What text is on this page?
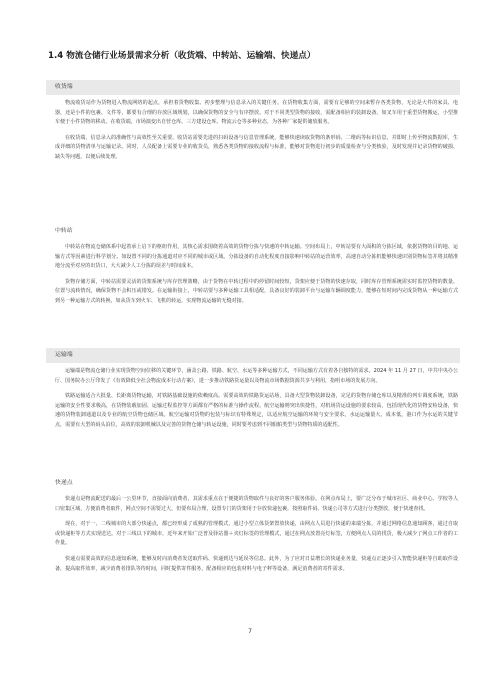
1.4 物流仓储行业场景需求分析（收货端、中转站、运输端、快递点）
收货端

物流收货站作为货物进入物流网络的起点，承担着货物收集、初步整理与信息录入的关键任务。在货物收集方面，需要有足够的空间来暂存各类货物，无论是大件的家具、电器，还是小件的包裹、文件等，都要有合理的存放区域规划，以确保货物的安全与有序摆放。对于不同类型货物的接收，需配备相应的装卸设备，如叉车用于重型货物搬运，小型推车便于小件货物的移动。在收货端，市场演变出自营仓库、三方建设仓库。物流云仓等多种业态，为各种厂家提供储放服务。

在收货端，信息录入的准确性与高效性至关重要。收货站需要先进的扫码设备与信息管理系统，能够快速读取货物的条形码、二维码等标识信息，并即时上传至物流数据库，生成详细的货物清单与运输记录。同时，人员配备上需要专业的收货员，熟悉各类货物的接收流程与标准，能够对货物进行初步的质量检查与分类核验，及时发现并记录货物的破损、缺失等问题，以便后续处理。

中转站

中转站在物流仓储体系中起着承上启下的枢纽作用，其核心需求围绕着高效的货物分拣与快速的中转运输。空间布局上，中转站要有大面积的分拣区域，依据货物的目的地、运输方式等因素进行科学划分。如设置不同的分拣通道对应不同的城市或区域。分拣设备的自动化程度直接影响中转站的运营效率，高速自动分拣机能够快速识别货物标签并将其精准地分流至对应的出货口，大大减少人工分拣的误差与时间成本。

货物存储方面，中转站需要灵活的货架系统与库存管理策略，由于货物在中转过程中的停留时间较短，货架应便于货物的快速存取，同时库存管理系统需实时监控货物的数量、位置与流转情况，确保货物不会积压或错发。在运输衔接上，中转站要与多种运输工具相适配，具备良好的装卸平台与运输车辆调度能力，能够在短时间内完成货物从一种运输方式到另一种运输方式的转换，如从货车到火车、飞机的转运，实现物流运输的无缝对接。

运输端

运输端是物流仓储行业实现货物空间位移的关键环节，涵盖公路、铁路、航空、水运等多种运输方式，不同运输方式有着各自独特的需求。2024 年 11 月 27 日，中共中央办公厅、国务院办公厅印发了《有效降低全社会物流成本行动方案》，进一步推动铁路货运量以及物流市场数据资源共享与利用，指明市场的发展方向。

铁路运输适合大批量、长距离货物运输，对铁路基础设施的依赖度高。需要高效的铁路货运站场，具备大型货物装卸设备，完足的货物存储仓库以及精准的列车调度系统，铁路运输的安全性要求极高，在货物装载加固、运输过程监控等方面都有严格的标准与操作流程。航空运输则突出快捷性，对机场货运设施的要求较高，包括现代化的货物安检设备，快速的货物装卸通道以及专业的航空货物仓储区域。航空运输对货物的包装与标识有特殊规定，以适应航空运输的环境与安全要求。水运运输量大、成本低，港口作为水运的关键节点，需要有大型的码头泊位，高效的装卸机械以及完善的货物仓储与转运设施，同时要考虑到不同船舶类型与货物特质的适配性。

快递点

快递点是物流配送的最后一公里环节，直接面向消费者，其需求重点在于便捷的货物取件与良好的客户服务体验。在网点布局上，要广泛分布于城市社区、商业中心、学校等人口密集区域，方便消费者取件，网点空间不需要过大，但要布局合理，设置专门的货架用于存放快递包裹，按照取件码、快递公司等方式进行分类摆放，便于快速查找。

现在，对于一、二线城市的大部分快递点，都已经形成了成熟的管理模式，通过小型立体货架置放快递，由网点人员进行快递的来端分拣，并通过网络信息通知顾客，通过自取或快递柜等方式实现送达。对于三线以下的城市，近年来开始广泛普及驿站器＋夹灯标签的管理模式，通过在网点放置亮灯标签，方便网点人员的找货，极大减少了网点工作者的工作量。

快递点需要高效的信息通知系统，能够及时向消费者发送取件码、快递到达与延误等信息。此外，为了应对日益增长的快递业务量，快递点正逐步引入智能快递柜等自助取件设备，提高取件效率，减少消费者排队等待时间，同时提供寄件服务，配备相应的包装材料与电子秤等设备，满足消费者的寄件需求。

7
